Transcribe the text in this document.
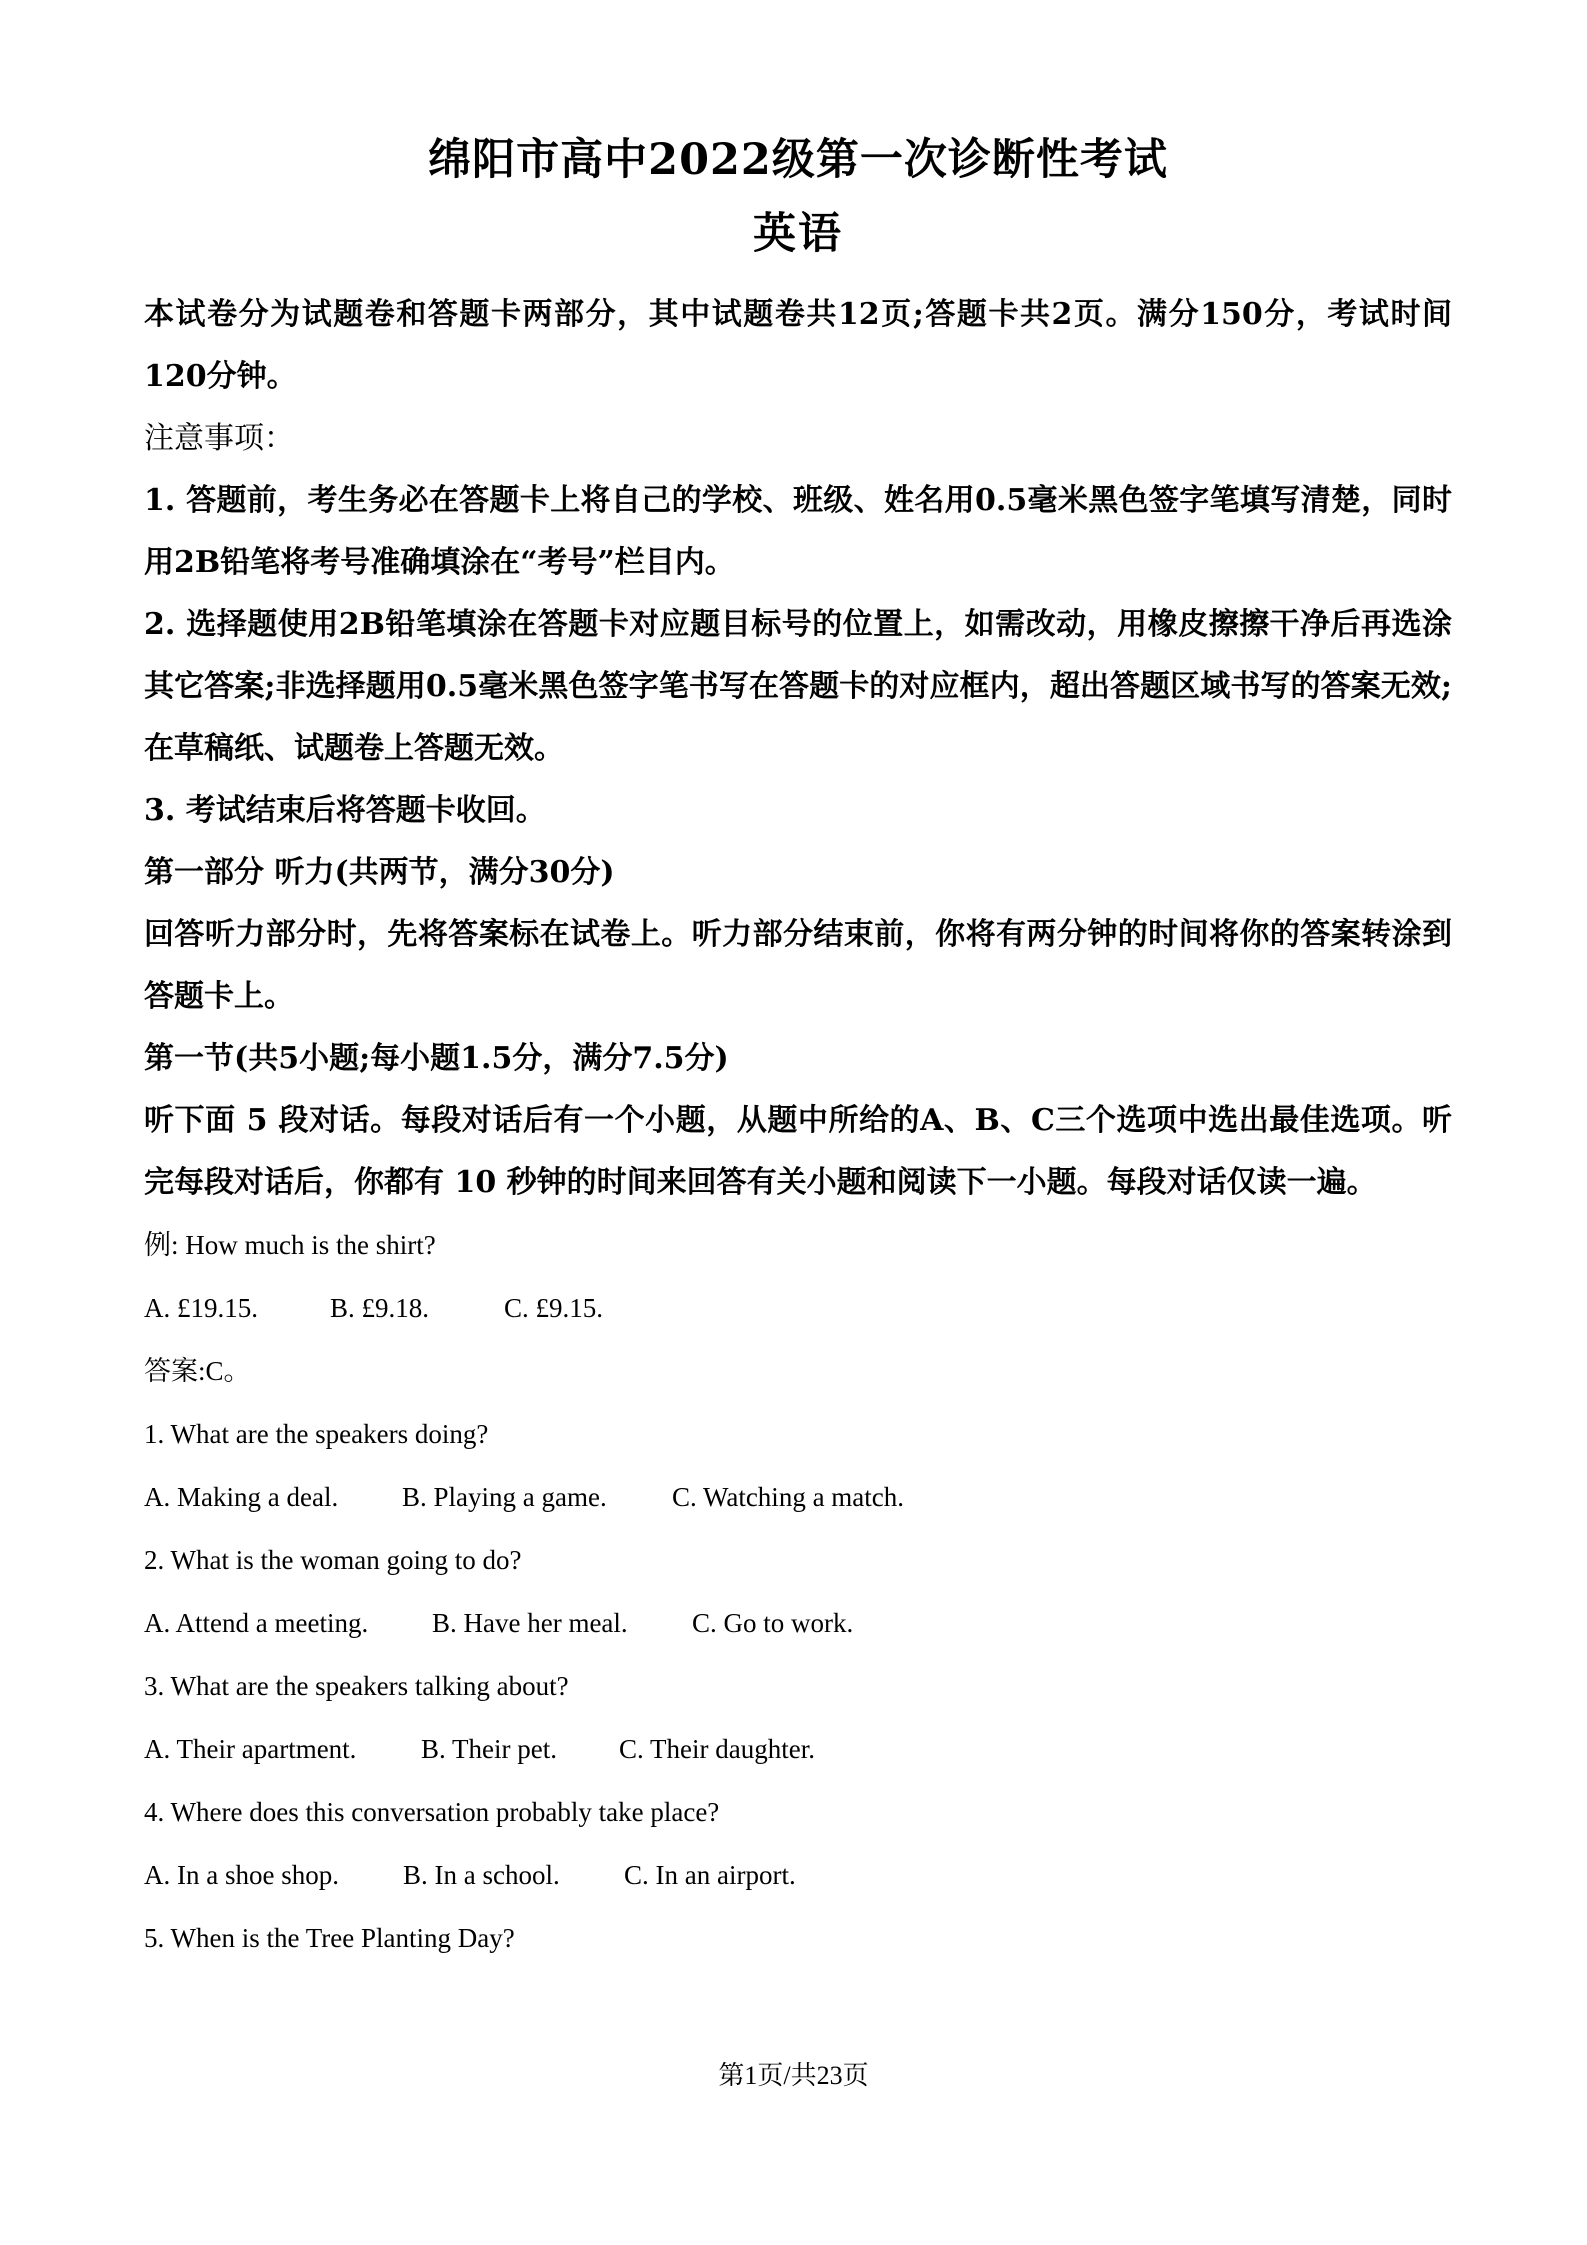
绵阳市高中2022级第一次诊断性考试
英语

本试卷分为试题卷和答题卡两部分，其中试题卷共12页;答题卡共2页。满分150分，考试时间120分钟。

注意事项：

1. 答题前，考生务必在答题卡上将自己的学校、班级、姓名用0.5毫米黑色签字笔填写清楚，同时用2B铅笔将考号准确填涂在“考号”栏目内。

2. 选择题使用2B铅笔填涂在答题卡对应题目标号的位置上，如需改动，用橡皮擦擦干净后再选涂其它答案;非选择题用0.5毫米黑色签字笔书写在答题卡的对应框内，超出答题区域书写的答案无效;在草稿纸、试题卷上答题无效。

3. 考试结束后将答题卡收回。

第一部分 听力(共两节，满分30分)

回答听力部分时，先将答案标在试卷上。听力部分结束前，你将有两分钟的时间将你的答案转涂到答题卡上。

第一节(共5小题;每小题1.5分，满分7.5分)

听下面 5 段对话。每段对话后有一个小题，从题中所给的A、B、C三个选项中选出最佳选项。听完每段对话后，你都有 10 秒钟的时间来回答有关小题和阅读下一小题。每段对话仅读一遍。

例: How much is the shirt?

A. £19.15.	B. £9.18.	C. £9.15.

答案:C。

1. What are the speakers doing?

A. Making a deal. B. Playing a game. C. Watching a match.

2. What is the woman going to do?

A. Attend a meeting. B. Have her meal. C. Go to work.

3. What are the speakers talking about?

A. Their apartment. B. Their pet. C. Their daughter.

4. Where does this conversation probably take place?

A. In a shoe shop. B. In a school. C. In an airport.

5. When is the Tree Planting Day?

第1页/共23页
